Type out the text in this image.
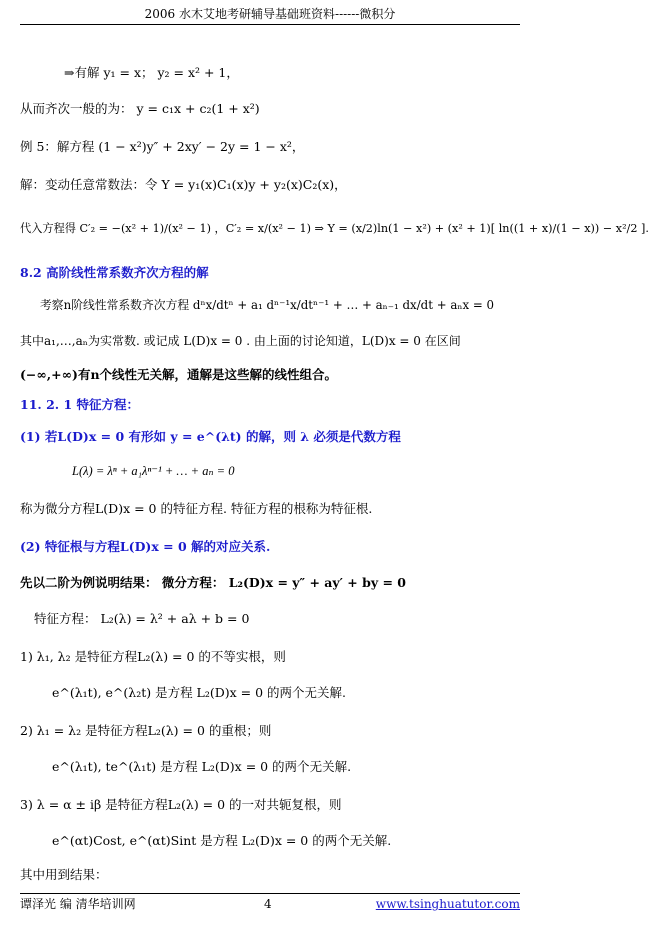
2006 水木艾地考研辅导基础班资料------微积分
⇒有解 y₁ = x； y₂ = x² + 1，
从而齐次一般的为： y = c₁x + c₂(1 + x²)
例 5：解方程 (1 − x²)y″ + 2xy′ − 2y = 1 − x²，
解：变动任意常数法：令 Y = y₁(x)C₁(x)y + y₂(x)C₂(x)，
代入方程得 C′₂ = −(x² + 1)/(x² − 1) ，C′₂ = x/(x² − 1) ⇒ Y = (x/2)ln(1 − x²) + (x² + 1)[ ln((1 + x)/(1 − x)) − x²/2 ].
8.2 高阶线性常系数齐次方程的解
考察n阶线性常系数齐次方程 dⁿx/dtⁿ + a₁ dⁿ⁻¹x/dtⁿ⁻¹ + … + aₙ₋₁ dx/dt + aₙx = 0
其中a₁,…,aₙ为实常数. 或记成 L(D)x = 0 . 由上面的讨论知道，L(D)x = 0 在区间
(−∞,+∞)有n个线性无关解，通解是这些解的线性组合。
11. 2. 1 特征方程：
(1) 若L(D)x = 0 有形如 y = e^(λt) 的解，则 λ 必须是代数方程
L(λ) = λⁿ + a₁λⁿ⁻¹ + … + aₙ = 0
称为微分方程L(D)x = 0 的特征方程. 特征方程的根称为特征根.
(2) 特征根与方程L(D)x = 0 解的对应关系.
先以二阶为例说明结果： 微分方程： L₂(D)x = y″ + ay′ + by = 0
特征方程： L₂(λ) = λ² + aλ + b = 0
1) λ₁, λ₂ 是特征方程L₂(λ) = 0 的不等实根，则
e^(λ₁t), e^(λ₂t) 是方程 L₂(D)x = 0 的两个无关解.
2) λ₁ = λ₂ 是特征方程L₂(λ) = 0 的重根；则
e^(λ₁t), te^(λ₁t) 是方程 L₂(D)x = 0 的两个无关解.
3) λ = α ± iβ 是特征方程L₂(λ) = 0 的一对共轭复根，则
e^(αt)Cost, e^(αt)Sint 是方程 L₂(D)x = 0 的两个无关解.
其中用到结果：
谭泽光 编 清华培训网	4	www.tsinghuatutor.com
